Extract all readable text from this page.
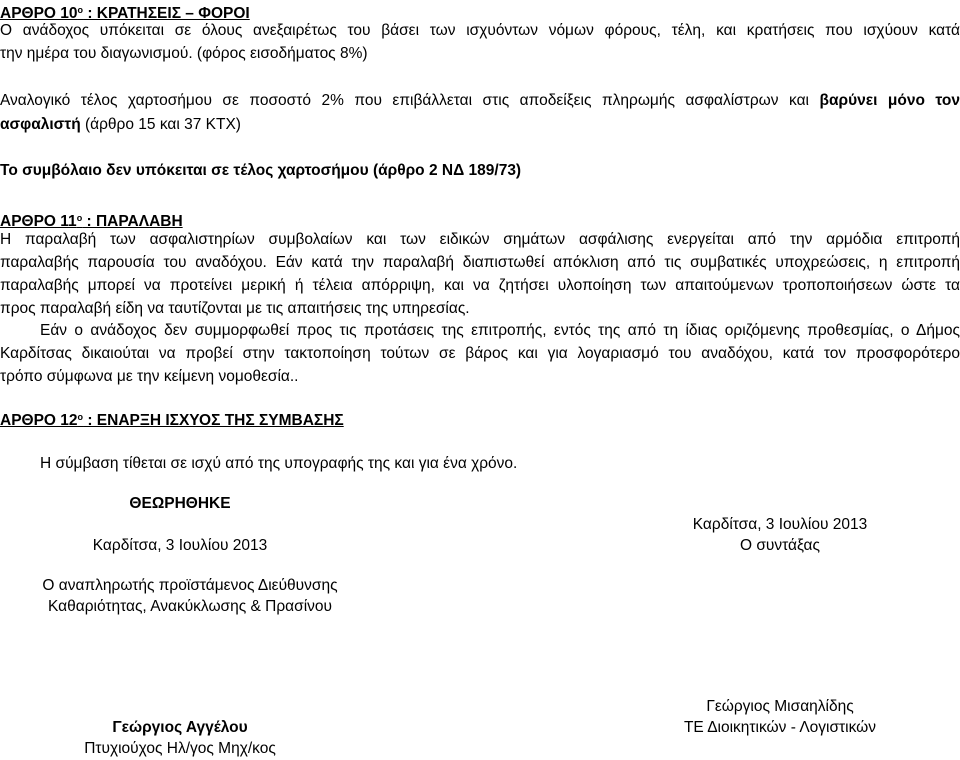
ΑΡΘΡΟ $10^o$ : ΚΡΑΤΗΣΕΙΣ – ΦΟΡΟΙ
Ο ανάδοχος υπόκειται σε όλους ανεξαιρέτως του βάσει των ισχυόντων νόμων φόρους, τέλη, και κρατήσεις που ισχύουν κατά
την ημέρα του διαγωνισμού. (φόρος εισοδήματος 8%)
Αναλογικό τέλος χαρτοσήμου σε ποσοστό 2% που επιβάλλεται στις αποδείξεις πληρωμής ασφαλίστρων και βαρύνει μόνο τον
ασφαλιστή (άρθρο 15 και 37 ΚΤΧ)
Το συμβόλαιο δεν υπόκειται σε τέλος χαρτοσήμου (άρθρο 2 ΝΔ 189/73)
ΑΡΘΡΟ $11^o$ : ΠΑΡΑΛΑΒΗ
Η παραλαβή των ασφαλιστηρίων συμβολαίων και των ειδικών σημάτων ασφάλισης ενεργείται από την αρμόδια επιτροπή
παραλαβής παρουσία του αναδόχου. Εάν κατά την παραλαβή διαπιστωθεί απόκλιση από τις συμβατικές υποχρεώσεις, η επιτροπή
παραλαβής μπορεί να προτείνει μερική ή τέλεια απόρριψη, και να ζητήσει υλοποίηση των απαιτούμενων τροποποιήσεων ώστε τα
προς παραλαβή είδη να ταυτίζονται με τις απαιτήσεις της υπηρεσίας.
Εάν ο ανάδοχος δεν συμμορφωθεί προς τις προτάσεις της επιτροπής, εντός της από τη ίδιας οριζόμενης προθεσμίας, ο Δήμος
Καρδίτσας δικαιούται να προβεί στην τακτοποίηση τούτων σε βάρος και για λογαριασμό του αναδόχου, κατά τον προσφορότερο
τρόπο σύμφωνα με την κείμενη νομοθεσία..
ΑΡΘΡΟ $12^o$ : ΕΝΑΡΞΗ ΙΣΧΥΟΣ ΤΗΣ ΣΥΜΒΑΣΗΣ
Η σύμβαση τίθεται σε ισχύ από της υπογραφής της και για ένα χρόνο.
ΘΕΩΡΗΘΗΚΕ
Καρδίτσα, 3 Ιουλίου 2013
Ο αναπληρωτής προϊστάμενος Διεύθυνσης
Καθαριότητας, Ανακύκλωσης & Πρασίνου
Γεώργιος Αγγέλου
Πτυχιούχος Ηλ/γος Μηχ/κος
Καρδίτσα, 3 Ιουλίου 2013
Ο συντάξας
Γεώργιος Μισαηλίδης
ΤΕ Διοικητικών - Λογιστικών
